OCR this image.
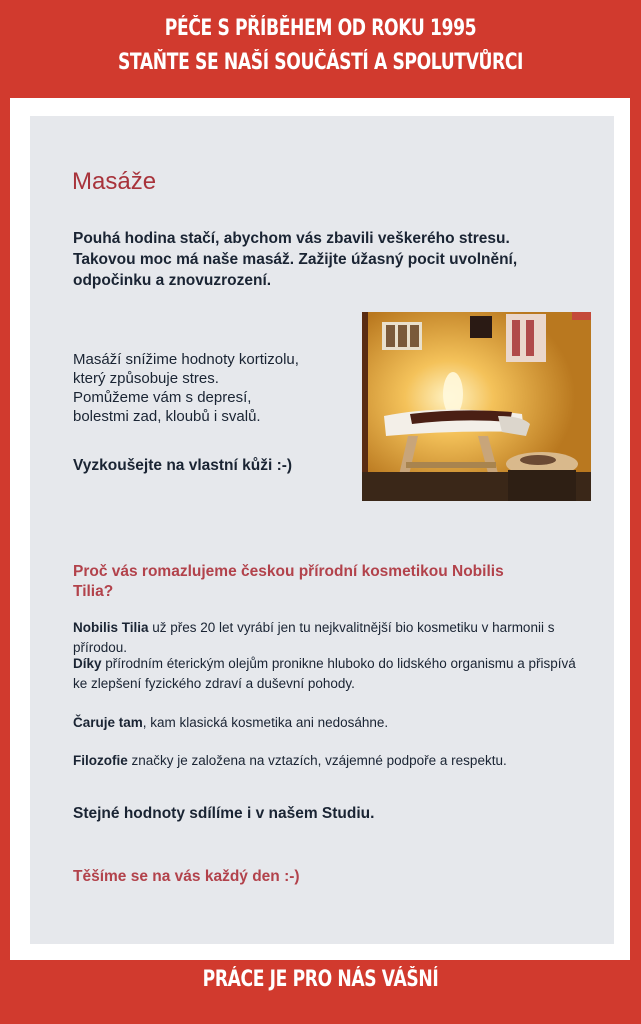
PÉČE S PŘÍBĚHEM OD ROKU 1995
STAŇTE SE NAŠÍ SOUČÁSTÍ A SPOLUTVŮRCI
Masáže

Pouhá hodina stačí, abychom vás zbavili veškerého stresu. Takovou moc má naše masáž. Zažijte úžasný pocit uvolnění, odpočinku a znovuzrození.

Masáží snížime hodnoty kortizolu,
který způsobuje stres.
Pomůžeme vám s depresí,
bolestmi zad, kloubů i svalů.

Vyzkoušejte na vlastní kůži :-)

Proč vás romazlujeme českou přírodní kosmetikou Nobilis Tilia?

Nobilis Tilia už přes 20 let vyrábí jen tu nejkvalitnější bio kosmetiku v harmonii s přírodou.
Díky přírodním éterickým olejům pronikne hluboko do lidského organismu a přispívá ke zlepšení fyzického zdraví a duševní pohody.
Čaruje tam, kam klasická kosmetika ani nedosáhne.
Filozofie značky je založena na vztazích, vzájemné podpoře a respektu.

Stejné hodnoty sdílíme i v našem Studiu.

Těšíme se na vás každý den :-)

PRÁCE JE PRO NÁS VÁŠNÍ
